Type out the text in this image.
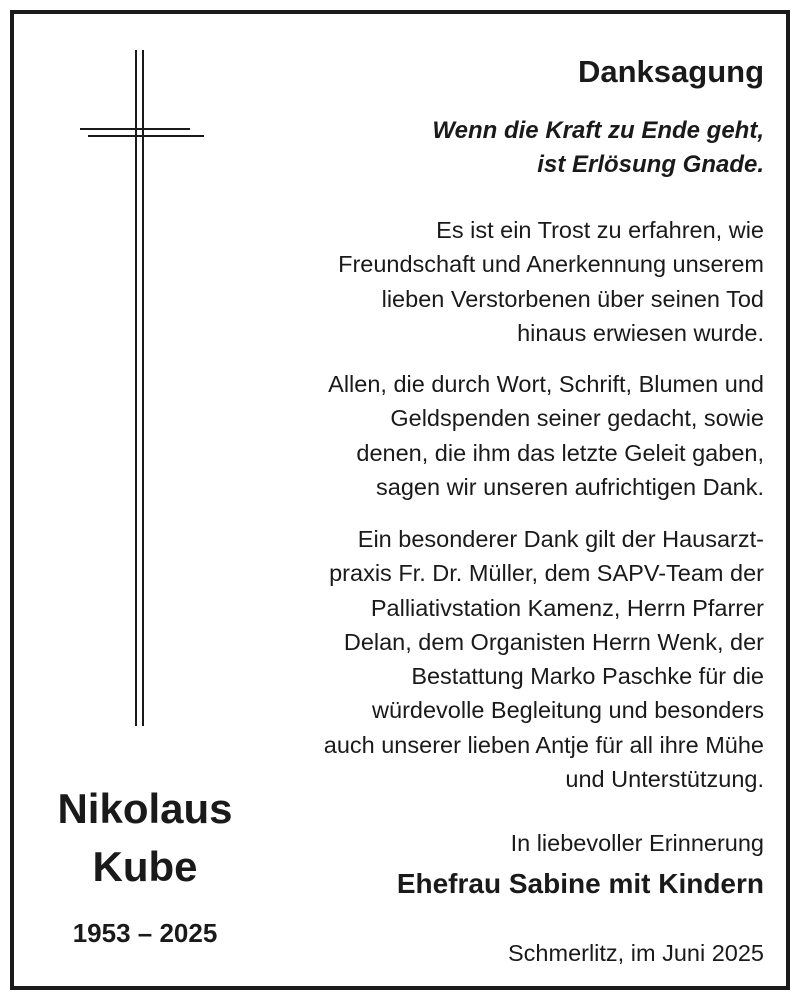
Danksagung

Wenn die Kraft zu Ende geht,
ist Erlösung Gnade.

Es ist ein Trost zu erfahren, wie
Freundschaft und Anerkennung unserem
lieben Verstorbenen über seinen Tod
hinaus erwiesen wurde.

Allen, die durch Wort, Schrift, Blumen und
Geldspenden seiner gedacht, sowie
denen, die ihm das letzte Geleit gaben,
sagen wir unseren aufrichtigen Dank.

Ein besonderer Dank gilt der Hausarzt-
praxis Fr. Dr. Müller, dem SAPV-Team der
Palliativstation Kamenz, Herrn Pfarrer
Delan, dem Organisten Herrn Wenk, der
Bestattung Marko Paschke für die
würdevolle Begleitung und besonders
auch unserer lieben Antje für all ihre Mühe
und Unterstützung.

Nikolaus
Kube
1953 – 2025
In liebevoller Erinnerung
Ehefrau Sabine mit Kindern
Schmerlitz, im Juni 2025
